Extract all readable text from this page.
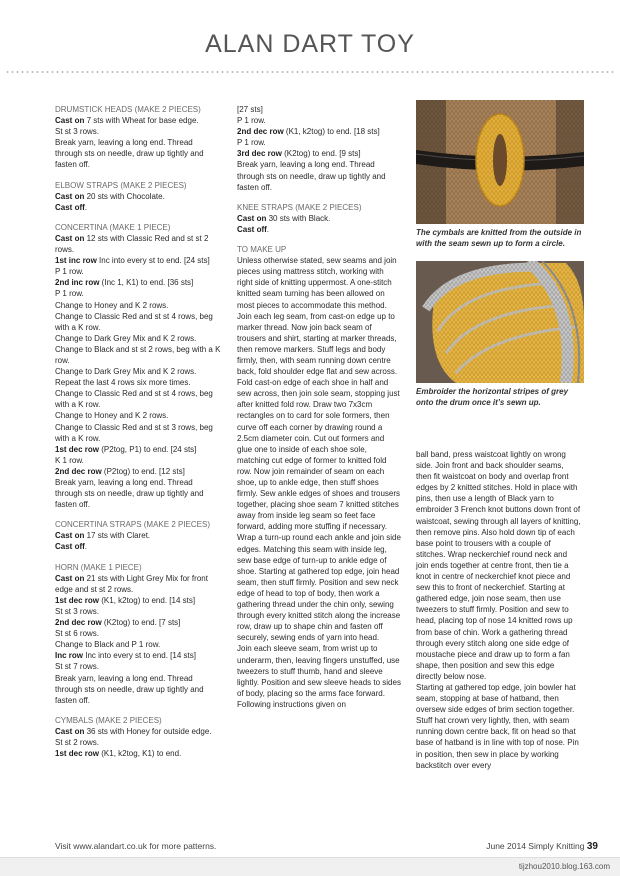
ALAN DART TOY

DRUMSTICK HEADS (MAKE 2 PIECES)

Cast on 7 sts with Wheat for base edge.

St st 3 rows.

Break yarn, leaving a long end. Thread through sts on needle, draw up tightly and fasten off.

ELBOW STRAPS (MAKE 2 PIECES)

Cast on 20 sts with Chocolate.

Cast off.

CONCERTINA (MAKE 1 PIECE)

Cast on 12 sts with Classic Red and st st 2 rows.

1st inc row Inc into every st to end. [24 sts]

P 1 row.

2nd inc row (Inc 1, K1) to end. [36 sts]

P 1 row.

Change to Honey and K 2 rows.

Change to Classic Red and st st 4 rows, beg with a K row.

Change to Dark Grey Mix and K 2 rows.

Change to Black and st st 2 rows, beg with a K row.

Change to Dark Grey Mix and K 2 rows.

Repeat the last 4 rows six more times.

Change to Classic Red and st st 4 rows, beg with a K row.

Change to Honey and K 2 rows.

Change to Classic Red and st st 3 rows, beg with a K row.

1st dec row (P2tog, P1) to end. [24 sts]

K 1 row.

2nd dec row (P2tog) to end. [12 sts]

Break yarn, leaving a long end. Thread through sts on needle, draw up tightly and fasten off.

CONCERTINA STRAPS (MAKE 2 PIECES)

Cast on 17 sts with Claret.

Cast off.

HORN (MAKE 1 PIECE)

Cast on 21 sts with Light Grey Mix for front edge and st st 2 rows.

1st dec row (K1, k2tog) to end. [14 sts]

St st 3 rows.

2nd dec row (K2tog) to end. [7 sts]

St st 6 rows.

Change to Black and P 1 row.

Inc row Inc into every st to end. [14 sts]

St st 7 rows.

Break yarn, leaving a long end. Thread through sts on needle, draw up tightly and fasten off.

CYMBALS (MAKE 2 PIECES)

Cast on 36 sts with Honey for outside edge.

St st 2 rows.

1st dec row (K1, k2tog, K1) to end.

[27 sts]

P 1 row.

2nd dec row (K1, k2tog) to end. [18 sts]

P 1 row.

3rd dec row (K2tog) to end. [9 sts]

Break yarn, leaving a long end. Thread through sts on needle, draw up tightly and fasten off.

KNEE STRAPS (MAKE 2 PIECES)

Cast on 30 sts with Black.

Cast off.

TO MAKE UP

Unless otherwise stated, sew seams and join pieces using mattress stitch, working with right side of knitting uppermost. A one-stitch knitted seam turning has been allowed on most pieces to accommodate this method. Join each leg seam, from cast-on edge up to marker thread. Now join back seam of trousers and shirt, starting at marker threads, then remove markers. Stuff legs and body firmly, then, with seam running down centre back, fold shoulder edge flat and sew across. Fold cast-on edge of each shoe in half and sew across, then join sole seam, stopping just after knitted fold row. Draw two 7x3cm rectangles on to card for sole formers, then curve off each corner by drawing round a 2.5cm diameter coin. Cut out formers and glue one to inside of each shoe sole, matching cut edge of former to knitted fold row. Now join remainder of seam on each shoe, up to ankle edge, then stuff shoes firmly. Sew ankle edges of shoes and trousers together, placing shoe seam 7 knitted stitches away from inside leg seam so feet face forward, adding more stuffing if necessary. Wrap a turn-up round each ankle and join side edges. Matching this seam with inside leg, sew base edge of turn-up to ankle edge of shoe. Starting at gathered top edge, join head seam, then stuff firmly. Position and sew neck edge of head to top of body, then work a gathering thread under the chin only, sewing through every knitted stitch along the increase row, draw up to shape chin and fasten off securely, sewing ends of yarn into head.

Join each sleeve seam, from wrist up to underarm, then, leaving fingers unstuffed, use tweezers to stuff thumb, hand and sleeve lightly. Position and sew sleeve heads to sides of body, placing so the arms face forward. Following instructions given on

ball band, press waistcoat lightly on wrong side. Join front and back shoulder seams, then fit waistcoat on body and overlap front edges by 2 knitted stitches. Hold in place with pins, then use a length of Black yarn to embroider 3 French knot buttons down front of waistcoat, sewing through all layers of knitting, then remove pins. Also hold down tip of each base point to trousers with a couple of stitches. Wrap neckerchief round neck and join ends together at centre front, then tie a knot in centre of neckerchief knot piece and sew this to front of neckerchief. Starting at gathered edge, join nose seam, then use tweezers to stuff firmly. Position and sew to head, placing top of nose 14 knitted rows up from base of chin. Work a gathering thread through every stitch along one side edge of moustache piece and draw up to form a fan shape, then position and sew this edge directly below nose.

Starting at gathered top edge, join bowler hat seam, stopping at base of hatband, then oversew side edges of brim section together. Stuff hat crown very lightly, then, with seam running down centre back, fit on head so that base of hatband is in line with top of nose. Pin in position, then sew in place by working backstitch over every

The cymbals are knitted from the outside in with the seam sewn up to form a circle.
Embroider the horizontal stripes of grey onto the drum once it’s sewn up.
Visit www.alandart.co.uk for more patterns.	June 2014 Simply Knitting 39
tijzhou2010.blog.163.com
